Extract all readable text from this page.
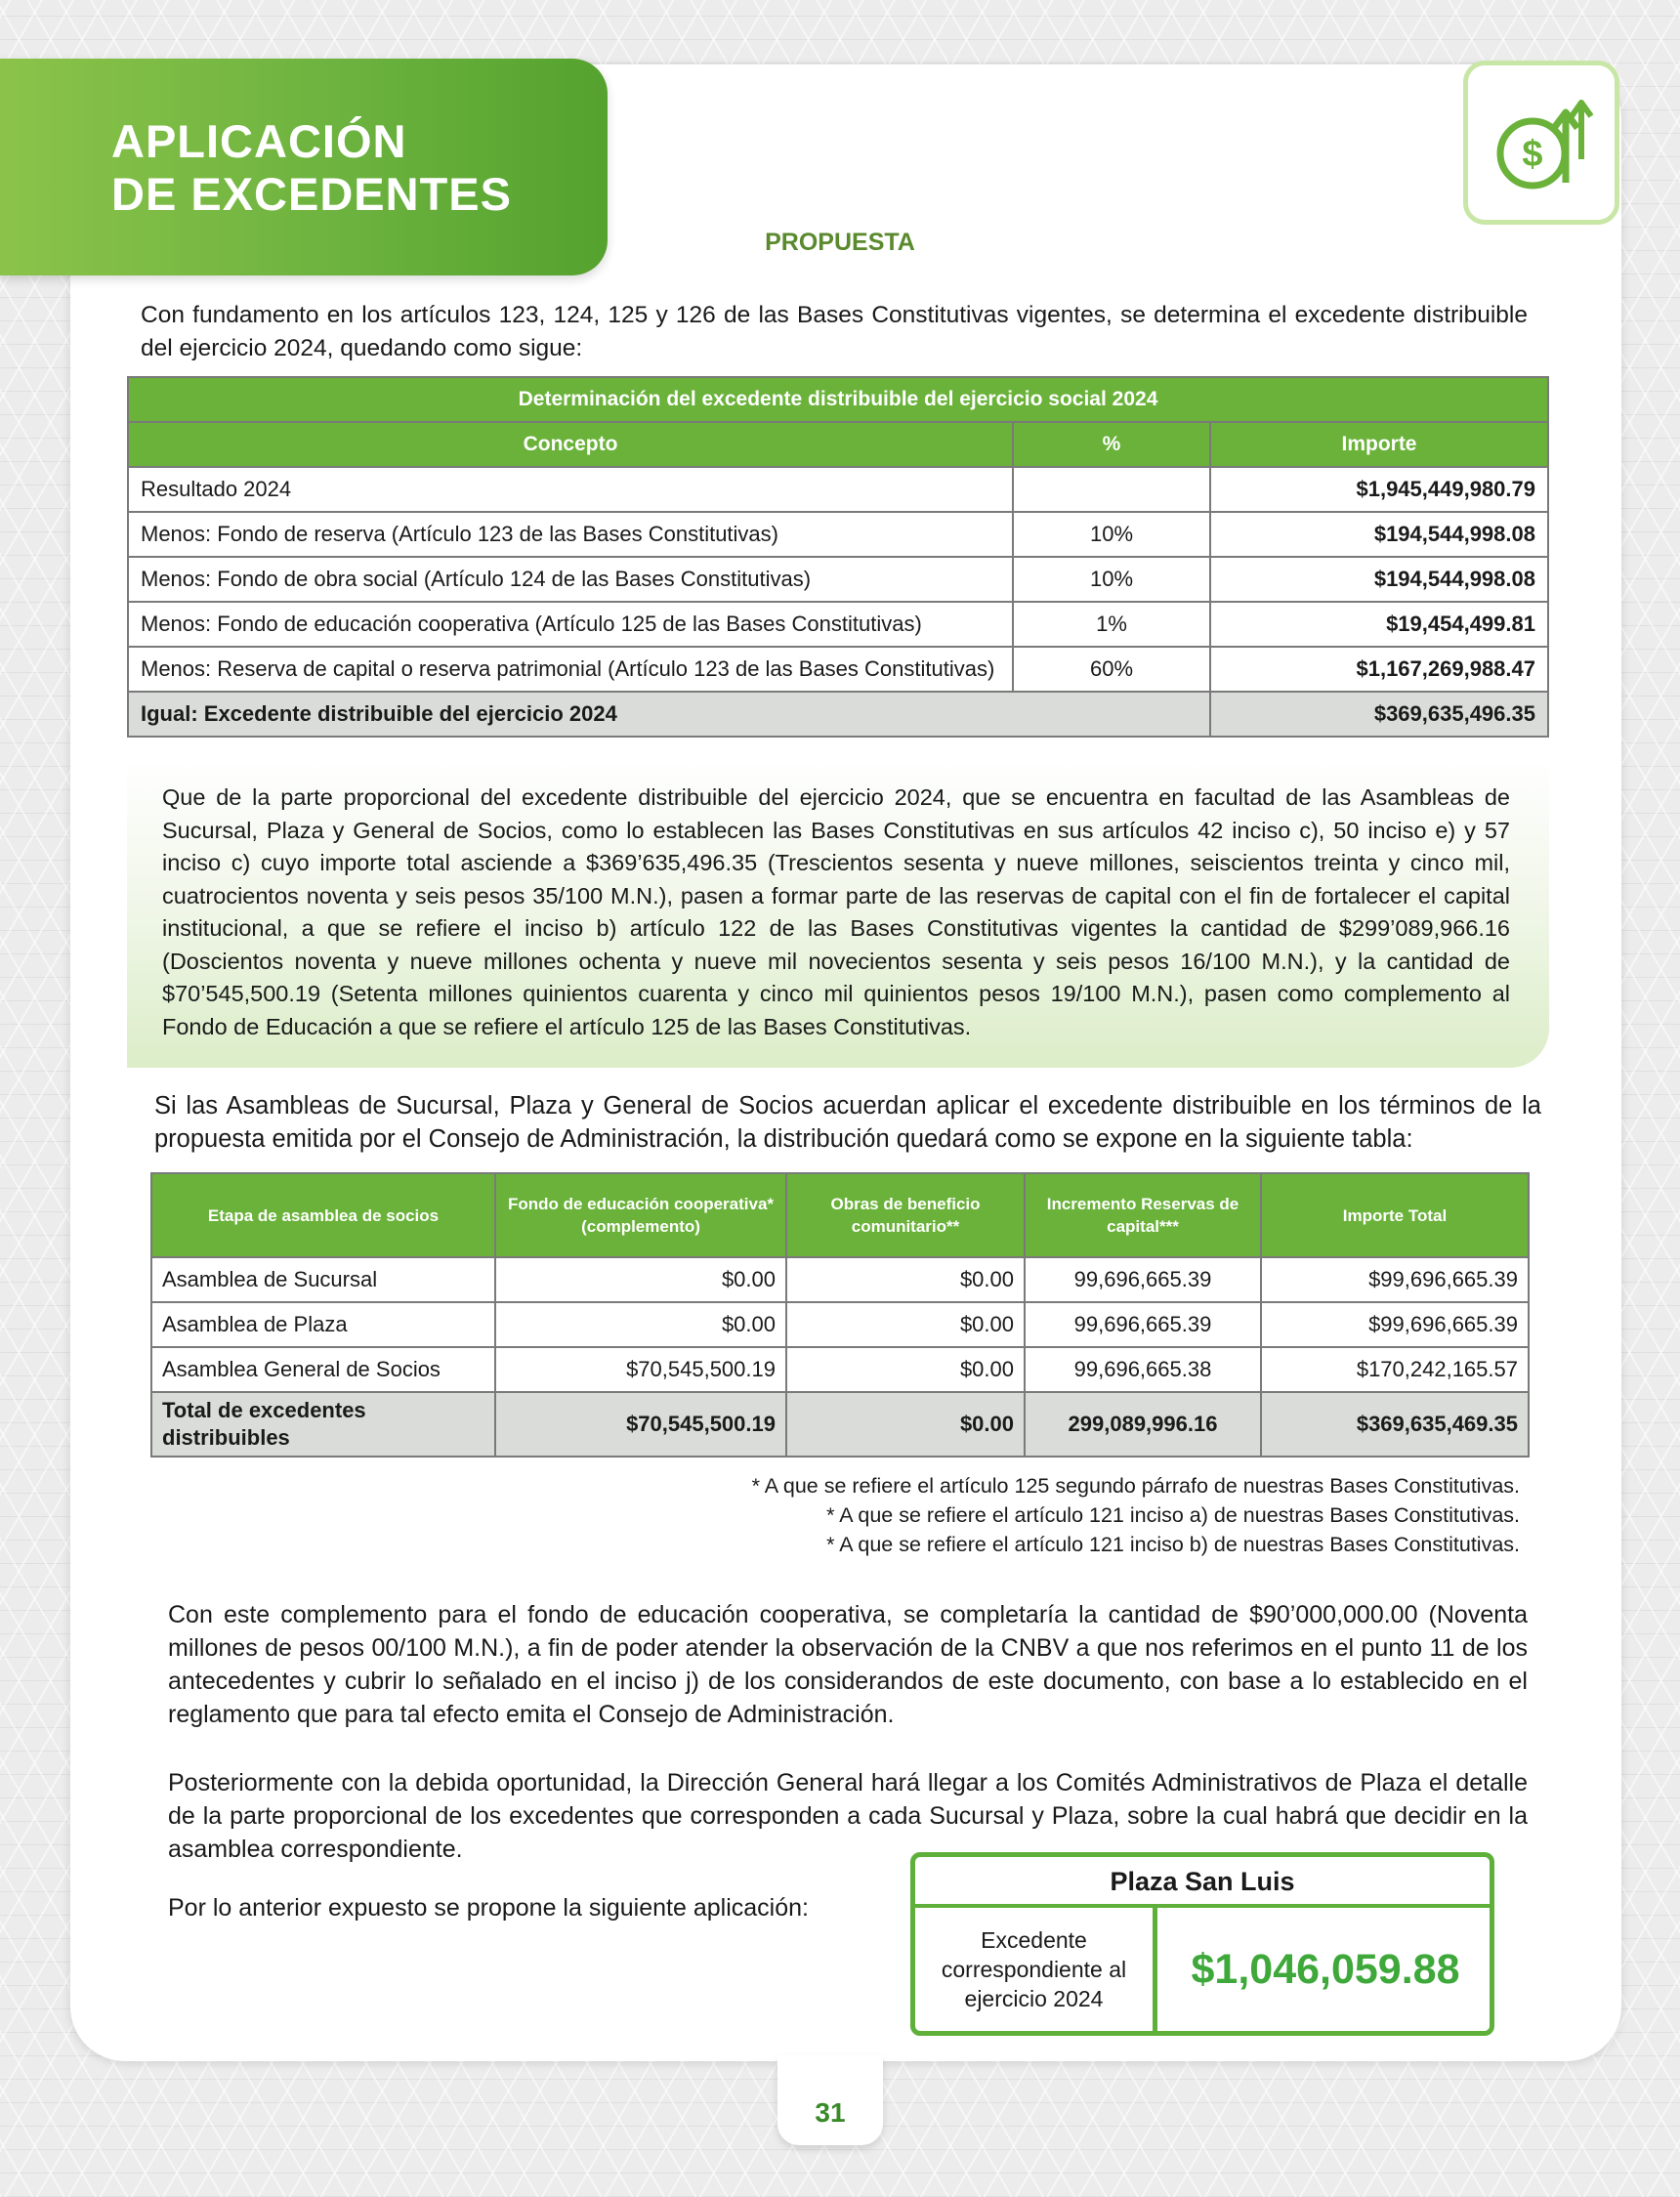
APLICACIÓN
DE EXCEDENTES
$
PROPUESTA
Con fundamento en los artículos 123, 124, 125 y 126 de las Bases Constitutivas vigentes, se determina el excedente distribuible del ejercicio 2024, quedando como sigue:
Determinación del excedente distribuible del ejercicio social 2024		
Concepto	%	Importe
Resultado 2024		$1,945,449,980.79
Menos: Fondo de reserva (Artículo 123 de las Bases Constitutivas)	10%	$194,544,998.08
Menos: Fondo de obra social (Artículo 124 de las Bases Constitutivas)	10%	$194,544,998.08
Menos: Fondo de educación cooperativa (Artículo 125 de las Bases Constitutivas)	1%	$19,454,499.81
Menos: Reserva de capital o reserva patrimonial (Artículo 123 de las Bases Constitutivas)	60%	$1,167,269,988.47
Igual: Excedente distribuible del ejercicio 2024		$369,635,496.35
Que de la parte proporcional del excedente distribuible del ejercicio 2024, que se encuentra en facultad de las Asambleas de Sucursal, Plaza y General de Socios, como lo establecen las Bases Constitutivas en sus artículos 42 inciso c), 50 inciso e) y 57 inciso c) cuyo importe total asciende a $369’635,496.35 (Trescientos sesenta y nueve millones, seiscientos treinta y cinco mil, cuatrocientos noventa y seis pesos 35/100 M.N.), pasen a formar parte de las reservas de capital con el fin de fortalecer el capital institucional, a que se refiere el inciso b) artículo 122 de las Bases Constitutivas vigentes la cantidad de $299’089,966.16 (Doscientos noventa y nueve millones ochenta y nueve mil novecientos sesenta y seis pesos 16/100 M.N.), y la cantidad de $70’545,500.19 (Setenta millones quinientos cuarenta y cinco mil quinientos pesos 19/100 M.N.), pasen como complemento al Fondo de Educación a que se refiere el artículo 125 de las Bases Constitutivas.
Si las Asambleas de Sucursal, Plaza y General de Socios acuerdan aplicar el excedente distribuible en los términos de la propuesta emitida por el Consejo de Administración, la distribución quedará como se expone en la siguiente tabla:
Etapa de asamblea de socios	Fondo de educación cooperativa* (complemento)	Obras de beneficio comunitario**	Incremento Reservas de capital***	Importe Total
Asamblea de Sucursal	$0.00	$0.00	99,696,665.39	$99,696,665.39
Asamblea de Plaza	$0.00	$0.00	99,696,665.39	$99,696,665.39
Asamblea General de Socios	$70,545,500.19	$0.00	99,696,665.38	$170,242,165.57
Total de excedentes distribuibles	$70,545,500.19	$0.00	299,089,996.16	$369,635,469.35
* A que se refiere el artículo 125 segundo párrafo de nuestras Bases Constitutivas.
* A que se refiere el artículo 121 inciso a) de nuestras Bases Constitutivas.
* A que se refiere el artículo 121 inciso b) de nuestras Bases Constitutivas.
Con este complemento para el fondo de educación cooperativa, se completaría la cantidad de $90’000,000.00 (Noventa millones de pesos 00/100 M.N.), a fin de poder atender la observación de la CNBV a que nos referimos en el punto 11 de los antecedentes y cubrir lo señalado en el inciso j) de los considerandos de este documento, con base a lo establecido en el reglamento que para tal efecto emita el Consejo de Administración.
Posteriormente con la debida oportunidad, la Dirección General hará llegar a los Comités Administrativos de Plaza el detalle de la parte proporcional de los excedentes que corresponden a cada Sucursal y Plaza, sobre la cual habrá que decidir en la asamblea correspondiente.
Por lo anterior expuesto se propone la siguiente aplicación:
Plaza San Luis
Excedente correspondiente al ejercicio 2024
$1,046,059.88
31
